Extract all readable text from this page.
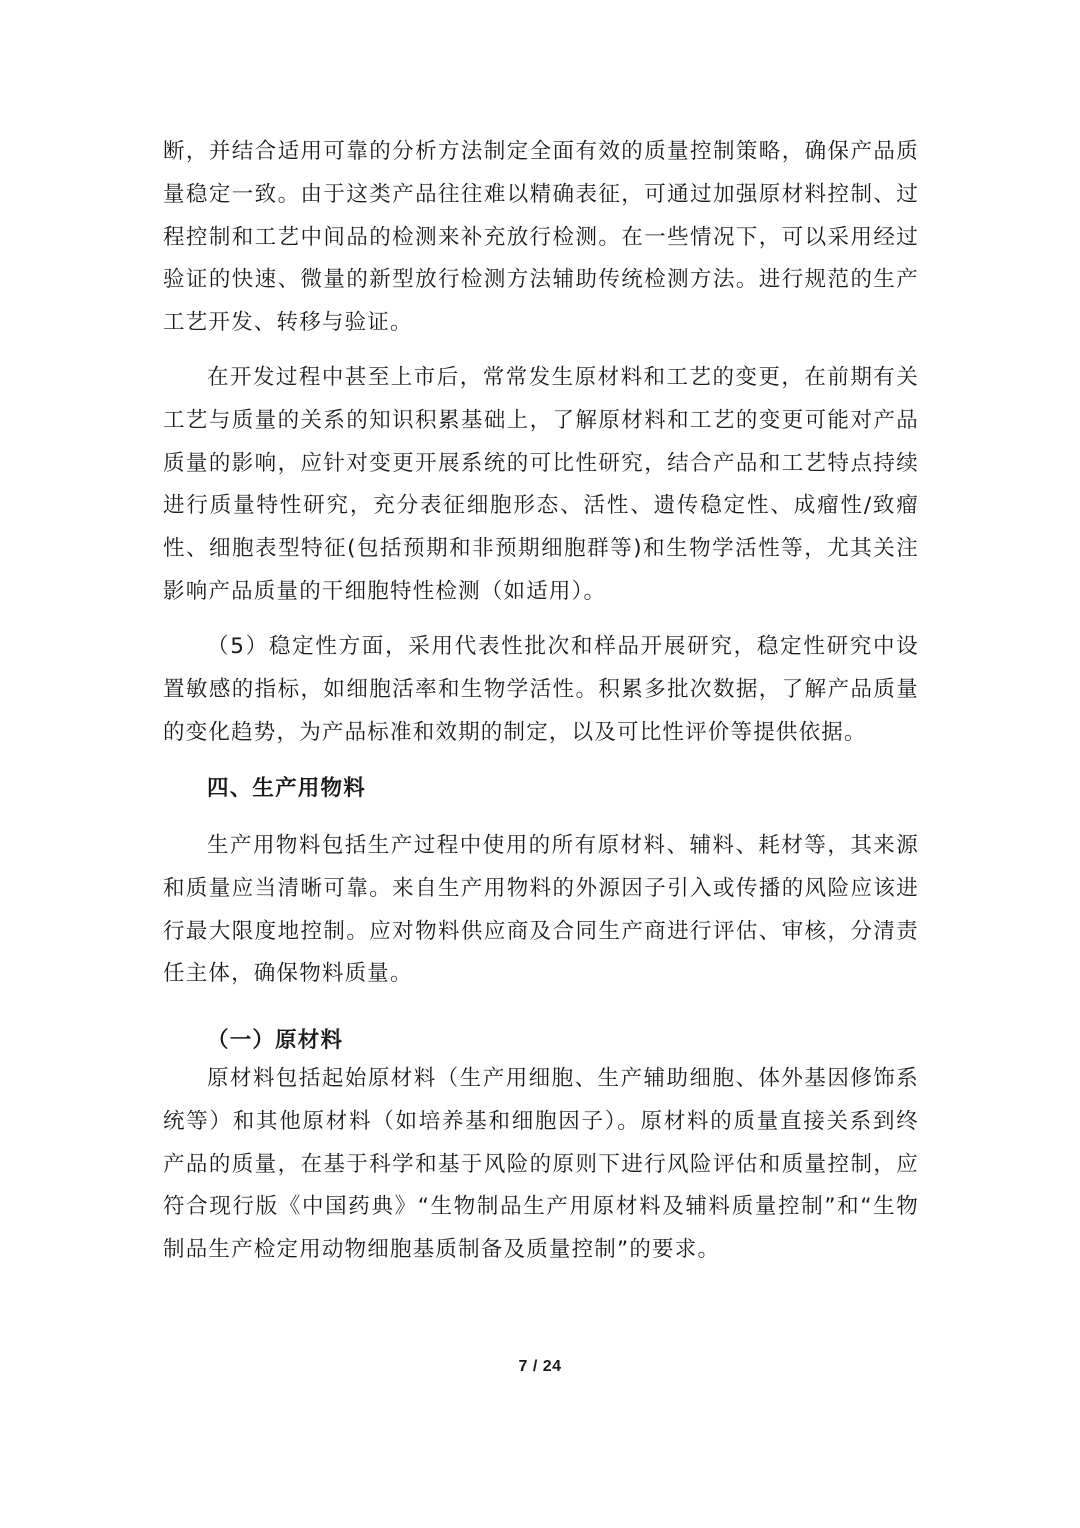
断，并结合适用可靠的分析方法制定全面有效的质量控制策略，确保产品质量稳定一致。由于这类产品往往难以精确表征，可通过加强原材料控制、过程控制和工艺中间品的检测来补充放行检测。在一些情况下，可以采用经过验证的快速、微量的新型放行检测方法辅助传统检测方法。进行规范的生产工艺开发、转移与验证。

在开发过程中甚至上市后，常常发生原材料和工艺的变更，在前期有关工艺与质量的关系的知识积累基础上，了解原材料和工艺的变更可能对产品质量的影响，应针对变更开展系统的可比性研究，结合产品和工艺特点持续进行质量特性研究，充分表征细胞形态、活性、遗传稳定性、成瘤性/致瘤性、细胞表型特征(包括预期和非预期细胞群等)和生物学活性等，尤其关注影响产品质量的干细胞特性检测（如适用）。

（5）稳定性方面，采用代表性批次和样品开展研究，稳定性研究中设置敏感的指标，如细胞活率和生物学活性。积累多批次数据，了解产品质量的变化趋势，为产品标准和效期的制定，以及可比性评价等提供依据。

四、生产用物料

生产用物料包括生产过程中使用的所有原材料、辅料、耗材等，其来源和质量应当清晰可靠。来自生产用物料的外源因子引入或传播的风险应该进行最大限度地控制。应对物料供应商及合同生产商进行评估、审核，分清责任主体，确保物料质量。

（一）原材料

原材料包括起始原材料（生产用细胞、生产辅助细胞、体外基因修饰系统等）和其他原材料（如培养基和细胞因子）。原材料的质量直接关系到终产品的质量，在基于科学和基于风险的原则下进行风险评估和质量控制，应符合现行版《中国药典》“生物制品生产用原材料及辅料质量控制”和“生物制品生产检定用动物细胞基质制备及质量控制”的要求。

7 / 24
